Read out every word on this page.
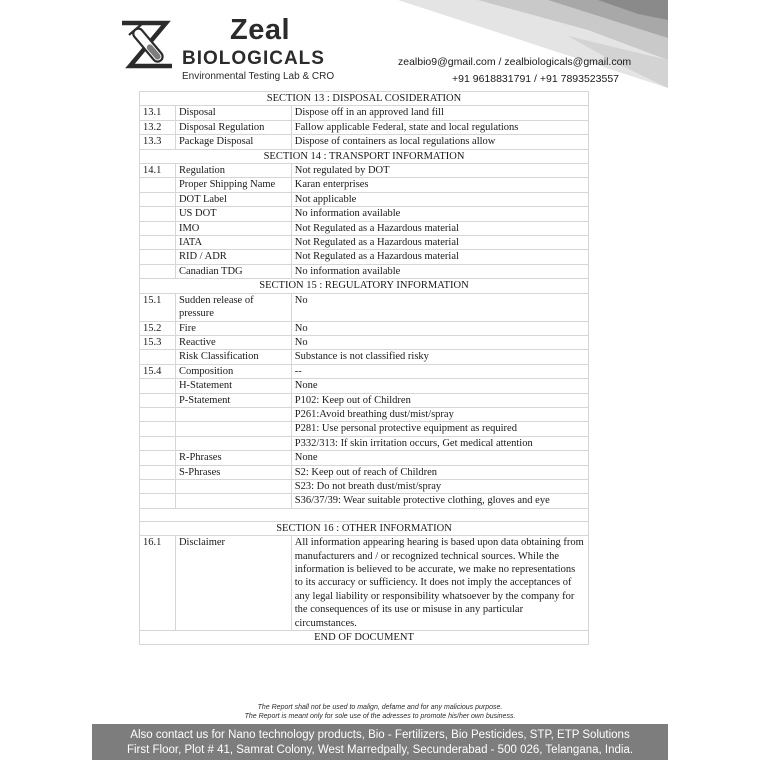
Zeal
BIOLOGICALS
Environmental Testing Lab & CRO
zealbio9@gmail.com / zealbiologicals@gmail.com
+91 9618831791 / +91 7893523557
SECTION 13 : DISPOSAL COSIDERATION		
13.1	Disposal	Dispose off in an approved land fill
13.2	Disposal Regulation	Fallow applicable Federal, state and local regulations
13.3	Package Disposal	Dispose of containers as local regulations allow
SECTION 14 : TRANSPORT INFORMATION		
14.1	Regulation	Not regulated by DOT
	Proper Shipping Name	Karan enterprises
	DOT Label	Not applicable
	US DOT	No information available
	IMO	Not Regulated as a Hazardous material
	IATA	Not Regulated as a Hazardous material
	RID / ADR	Not Regulated as a Hazardous material
	Canadian TDG	No information available
SECTION 15 : REGULATORY INFORMATION		
15.1	Sudden release of pressure	No
15.2	Fire	No
15.3	Reactive	No
	Risk Classification	Substance is not classified risky
15.4	Composition	--
	H-Statement	None
	P-Statement	P102: Keep out of Children
		P261:Avoid breathing dust/mist/spray
		P281: Use personal protective equipment as required
		P332/313: If skin irritation occurs, Get medical attention
	R-Phrases	None
	S-Phrases	S2: Keep out of reach of Children
		S23: Do not breath dust/mist/spray
		S36/37/39: Wear suitable protective clothing, gloves and eye

SECTION 16 : OTHER INFORMATION		
16.1	Disclaimer	All information appearing hearing is based upon data obtaining from manufacturers and / or recognized technical sources. While the information is believed to be accurate, we make no representations to its accuracy or sufficiency. It does not imply the acceptances of any legal liability or responsibility whatsoever by the company for the consequences of its use or misuse in any particular circumstances.
END OF DOCUMENT		
The Report shall not be used to malign, defame and for any malicious purpose.
The Report is meant only for sole use of the adresses to promote his/her own business.
Also contact us for Nano technology products, Bio - Fertilizers, Bio Pesticides, STP, ETP Solutions
First Floor, Plot # 41, Samrat Colony, West Marredpally, Secunderabad - 500 026, Telangana, India.
